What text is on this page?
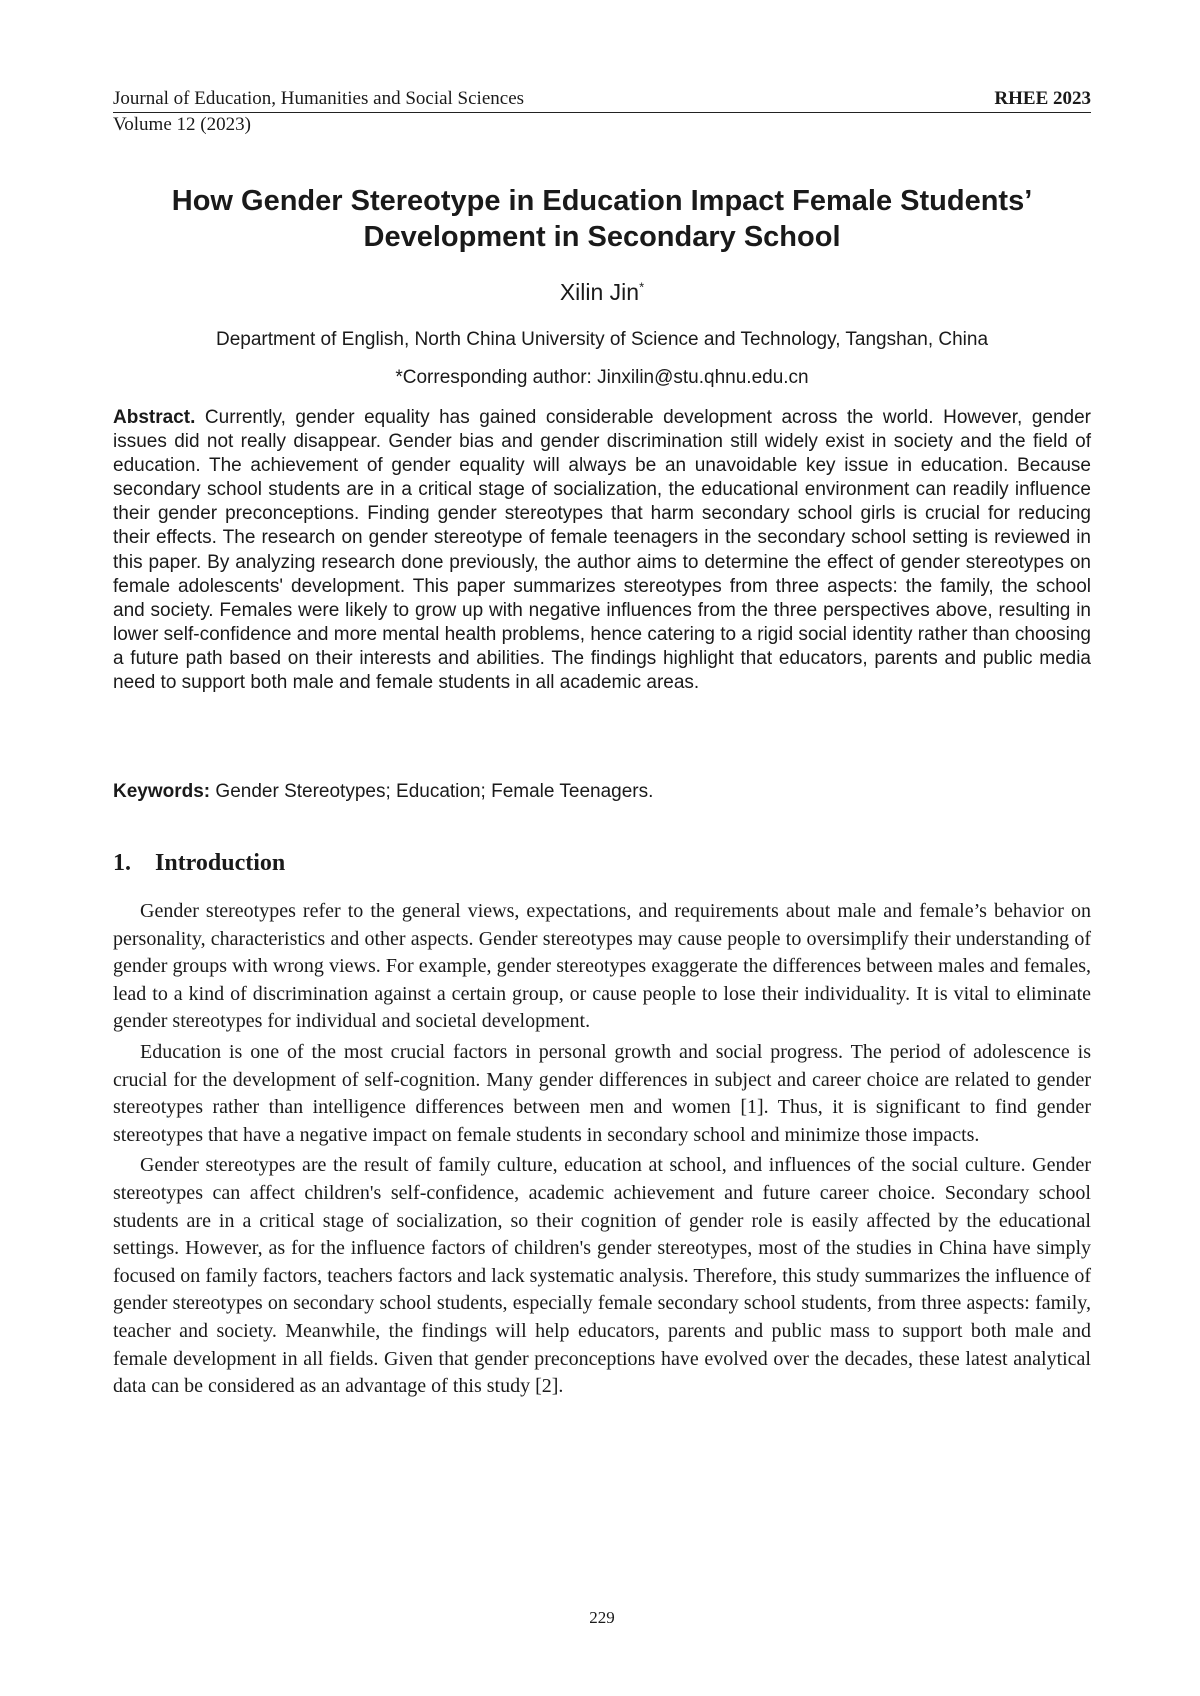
Journal of Education, Humanities and Social Sciences	RHEE 2023
Volume 12 (2023)
How Gender Stereotype in Education Impact Female Students’
Development in Secondary School
Xilin Jin*
Department of English, North China University of Science and Technology, Tangshan, China
*Corresponding author: Jinxilin@stu.qhnu.edu.cn

Abstract. Currently, gender equality has gained considerable development across the world. However, gender issues did not really disappear. Gender bias and gender discrimination still widely exist in society and the field of education. The achievement of gender equality will always be an unavoidable key issue in education. Because secondary school students are in a critical stage of socialization, the educational environment can readily influence their gender preconceptions. Finding gender stereotypes that harm secondary school girls is crucial for reducing their effects. The research on gender stereotype of female teenagers in the secondary school setting is reviewed in this paper. By analyzing research done previously, the author aims to determine the effect of gender stereotypes on female adolescents' development. This paper summarizes stereotypes from three aspects: the family, the school and society. Females were likely to grow up with negative influences from the three perspectives above, resulting in lower self-confidence and more mental health problems, hence catering to a rigid social identity rather than choosing a future path based on their interests and abilities. The findings highlight that educators, parents and public media need to support both male and female students in all academic areas.

Keywords: Gender Stereotypes; Education; Female Teenagers.

1. Introduction

Gender stereotypes refer to the general views, expectations, and requirements about male and female’s behavior on personality, characteristics and other aspects. Gender stereotypes may cause people to oversimplify their understanding of gender groups with wrong views. For example, gender stereotypes exaggerate the differences between males and females, lead to a kind of discrimination against a certain group, or cause people to lose their individuality. It is vital to eliminate gender stereotypes for individual and societal development.

Education is one of the most crucial factors in personal growth and social progress. The period of adolescence is crucial for the development of self-cognition. Many gender differences in subject and career choice are related to gender stereotypes rather than intelligence differences between men and women [1]. Thus, it is significant to find gender stereotypes that have a negative impact on female students in secondary school and minimize those impacts.

Gender stereotypes are the result of family culture, education at school, and influences of the social culture. Gender stereotypes can affect children's self-confidence, academic achievement and future career choice. Secondary school students are in a critical stage of socialization, so their cognition of gender role is easily affected by the educational settings. However, as for the influence factors of children's gender stereotypes, most of the studies in China have simply focused on family factors, teachers factors and lack systematic analysis. Therefore, this study summarizes the influence of gender stereotypes on secondary school students, especially female secondary school students, from three aspects: family, teacher and society. Meanwhile, the findings will help educators, parents and public mass to support both male and female development in all fields. Given that gender preconceptions have evolved over the decades, these latest analytical data can be considered as an advantage of this study [2].

229
